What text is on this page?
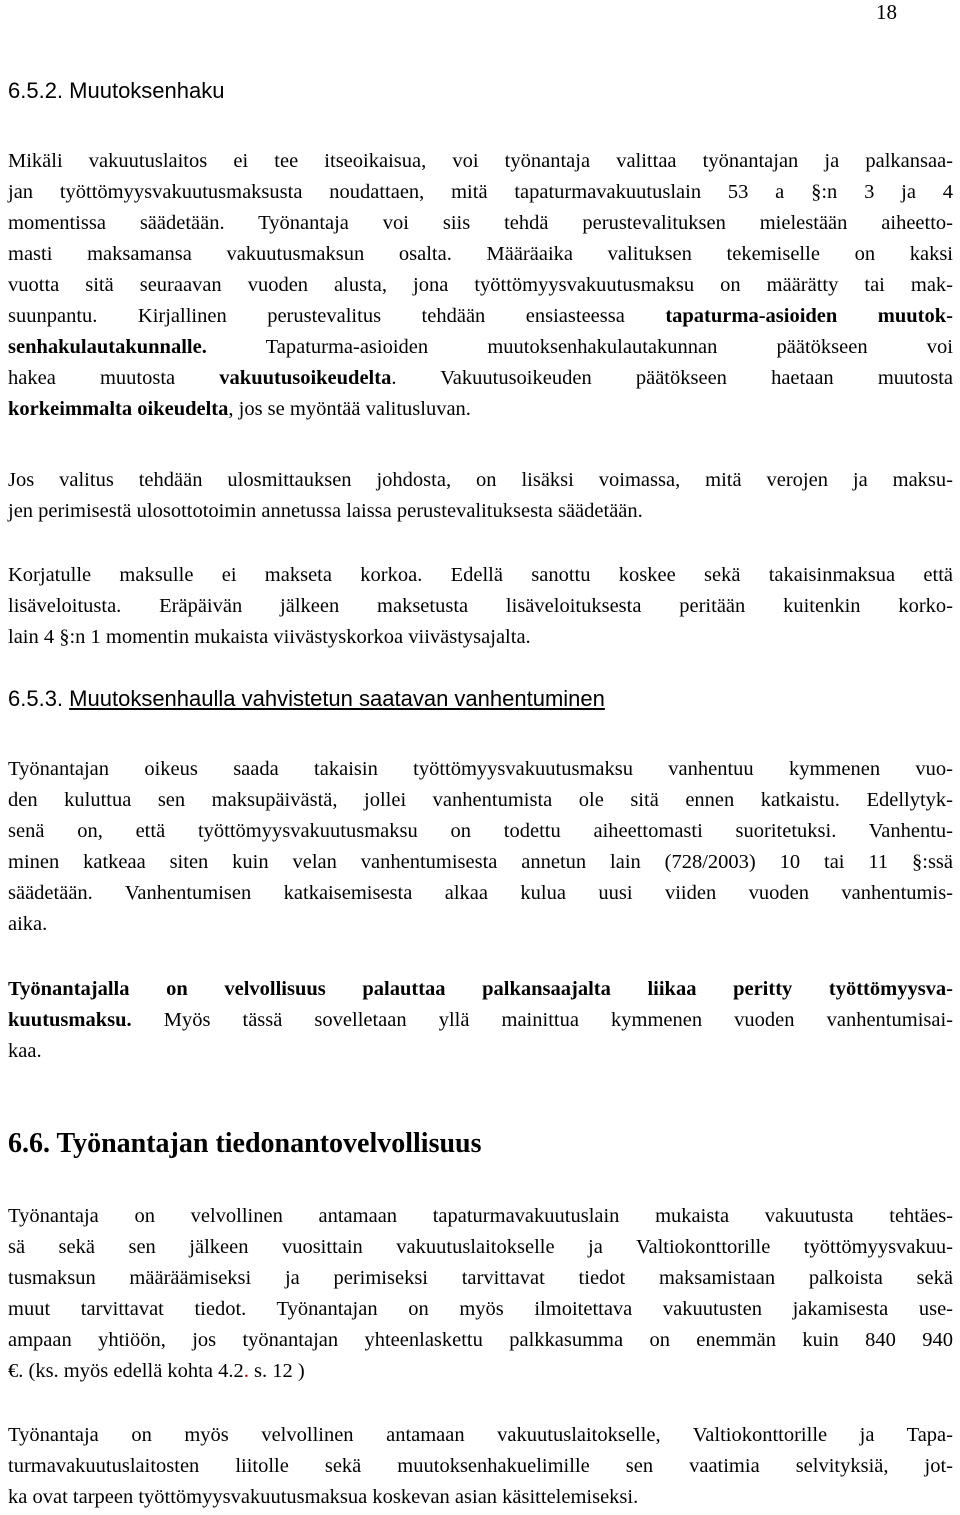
18
6.5.2. Muutoksenhaku
Mikäli vakuutuslaitos ei tee itseoikaisua, voi työnantaja valittaa työnantajan ja palkansaa-
jan työttömyysvakuutusmaksusta noudattaen, mitä tapaturmavakuutuslain 53 a §:n 3 ja 4
momentissa säädetään. Työnantaja voi siis tehdä perustevalituksen mielestään aiheetto-
masti maksamansa vakuutusmaksun osalta. Määräaika valituksen tekemiselle on kaksi
vuotta sitä seuraavan vuoden alusta, jona työttömyysvakuutusmaksu on määrätty tai mak-
suunpantu. Kirjallinen perustevalitus tehdään ensiasteessa tapaturma-asioiden muutok-
senhakulautakunnalle. Tapaturma-asioiden muutoksenhakulautakunnan päätökseen voi
hakea muutosta vakuutusoikeudelta. Vakuutusoikeuden päätökseen haetaan muutosta
korkeimmalta oikeudelta, jos se myöntää valitusluvan.
Jos valitus tehdään ulosmittauksen johdosta, on lisäksi voimassa, mitä verojen ja maksu-
jen perimisestä ulosottotoimin annetussa laissa perustevalituksesta säädetään.
Korjatulle maksulle ei makseta korkoa. Edellä sanottu koskee sekä takaisinmaksua että
lisäveloitusta. Eräpäivän jälkeen maksetusta lisäveloituksesta peritään kuitenkin korko-
lain 4 §:n 1 momentin mukaista viivästyskorkoa viivästysajalta.
6.5.3. Muutoksenhaulla vahvistetun saatavan vanhentuminen
Työnantajan oikeus saada takaisin työttömyysvakuutusmaksu vanhentuu kymmenen vuo-
den kuluttua sen maksupäivästä, jollei vanhentumista ole sitä ennen katkaistu. Edellytyk-
senä on, että työttömyysvakuutusmaksu on todettu aiheettomasti suoritetuksi. Vanhentu-
minen katkeaa siten kuin velan vanhentumisesta annetun lain (728/2003) 10 tai 11 §:ssä
säädetään. Vanhentumisen katkaisemisesta alkaa kulua uusi viiden vuoden vanhentumis-
aika.
Työnantajalla on velvollisuus palauttaa palkansaajalta liikaa peritty työttömyysva-
kuutusmaksu. Myös tässä sovelletaan yllä mainittua kymmenen vuoden vanhentumisai-
kaa.
6.6. Työnantajan tiedonantovelvollisuus
Työnantaja on velvollinen antamaan tapaturmavakuutuslain mukaista vakuutusta tehtäes-
sä sekä sen jälkeen vuosittain vakuutuslaitokselle ja Valtiokonttorille työttömyysvakuu-
tusmaksun määräämiseksi ja perimiseksi tarvittavat tiedot maksamistaan palkoista sekä
muut tarvittavat tiedot. Työnantajan on myös ilmoitettava vakuutusten jakamisesta use-
ampaan yhtiöön, jos työnantajan yhteenlaskettu palkkasumma on enemmän kuin 840 940
€. (ks. myös edellä kohta 4.2. s. 12 )
Työnantaja on myös velvollinen antamaan vakuutuslaitokselle, Valtiokonttorille ja Tapa-
turmavakuutuslaitosten liitolle sekä muutoksenhakuelimille sen vaatimia selvityksiä, jot-
ka ovat tarpeen työttömyysvakuutusmaksua koskevan asian käsittelemiseksi.
